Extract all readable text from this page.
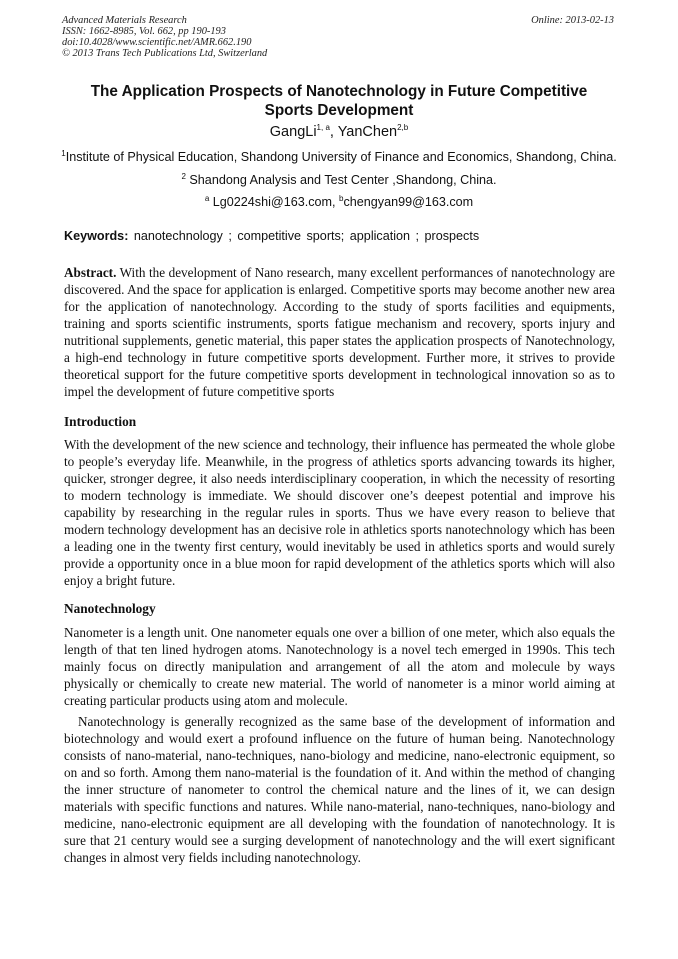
Advanced Materials Research
ISSN: 1662-8985, Vol. 662, pp 190-193
doi:10.4028/www.scientific.net/AMR.662.190
© 2013 Trans Tech Publications Ltd, Switzerland
Online: 2013-02-13
The Application Prospects of Nanotechnology in Future Competitive
Sports Development
GangLi$^{1, a}$, YanChen$^{2,b}$
$^1$Institute of Physical Education, Shandong University of Finance and Economics, Shandong, China.
$^2$ Shandong Analysis and Test Center ,Shandong, China.
$^a$ Lg0224shi@163.com, $^b$chengyan99@163.com
Keywords: nanotechnology ; competitive sports; application ; prospects
Abstract. With the development of Nano research, many excellent performances of nanotechnology are discovered. And the space for application is enlarged. Competitive sports may become another new area for the application of nanotechnology. According to the study of sports facilities and equipments, training and sports scientific instruments, sports fatigue mechanism and recovery, sports injury and nutritional supplements, genetic material, this paper states the application prospects of Nanotechnology, a high-end technology in future competitive sports development. Further more, it strives to provide theoretical support for the future competitive sports development in technological innovation so as to impel the development of future competitive sports
Introduction
With the development of the new science and technology, their influence has permeated the whole globe to people’s everyday life. Meanwhile, in the progress of athletics sports advancing towards its higher, quicker, stronger degree, it also needs interdisciplinary cooperation, in which the necessity of resorting to modern technology is immediate. We should discover one’s deepest potential and improve his capability by researching in the regular rules in sports. Thus we have every reason to believe that modern technology development has an decisive role in athletics sports nanotechnology which has been a leading one in the twenty first century, would inevitably be used in athletics sports and would surely provide a opportunity once in a blue moon for rapid development of the athletics sports which will also enjoy a bright future.
Nanotechnology
Nanometer is a length unit. One nanometer equals one over a billion of one meter, which also equals the length of that ten lined hydrogen atoms. Nanotechnology is a novel tech emerged in 1990s. This tech mainly focus on directly manipulation and arrangement of all the atom and molecule by ways physically or chemically to create new material. The world of nanometer is a minor world aiming at creating particular products using atom and molecule.
Nanotechnology is generally recognized as the same base of the development of information and biotechnology and would exert a profound influence on the future of human being. Nanotechnology consists of nano-material, nano-techniques, nano-biology and medicine, nano-electronic equipment, so on and so forth. Among them nano-material is the foundation of it. And within the method of changing the inner structure of nanometer to control the chemical nature and the lines of it, we can design materials with specific functions and natures. While nano-material, nano-techniques, nano-biology and medicine, nano-electronic equipment are all developing with the foundation of nanotechnology. It is sure that 21 century would see a surging development of nanotechnology and the will exert significant changes in almost very fields including nanotechnology.
